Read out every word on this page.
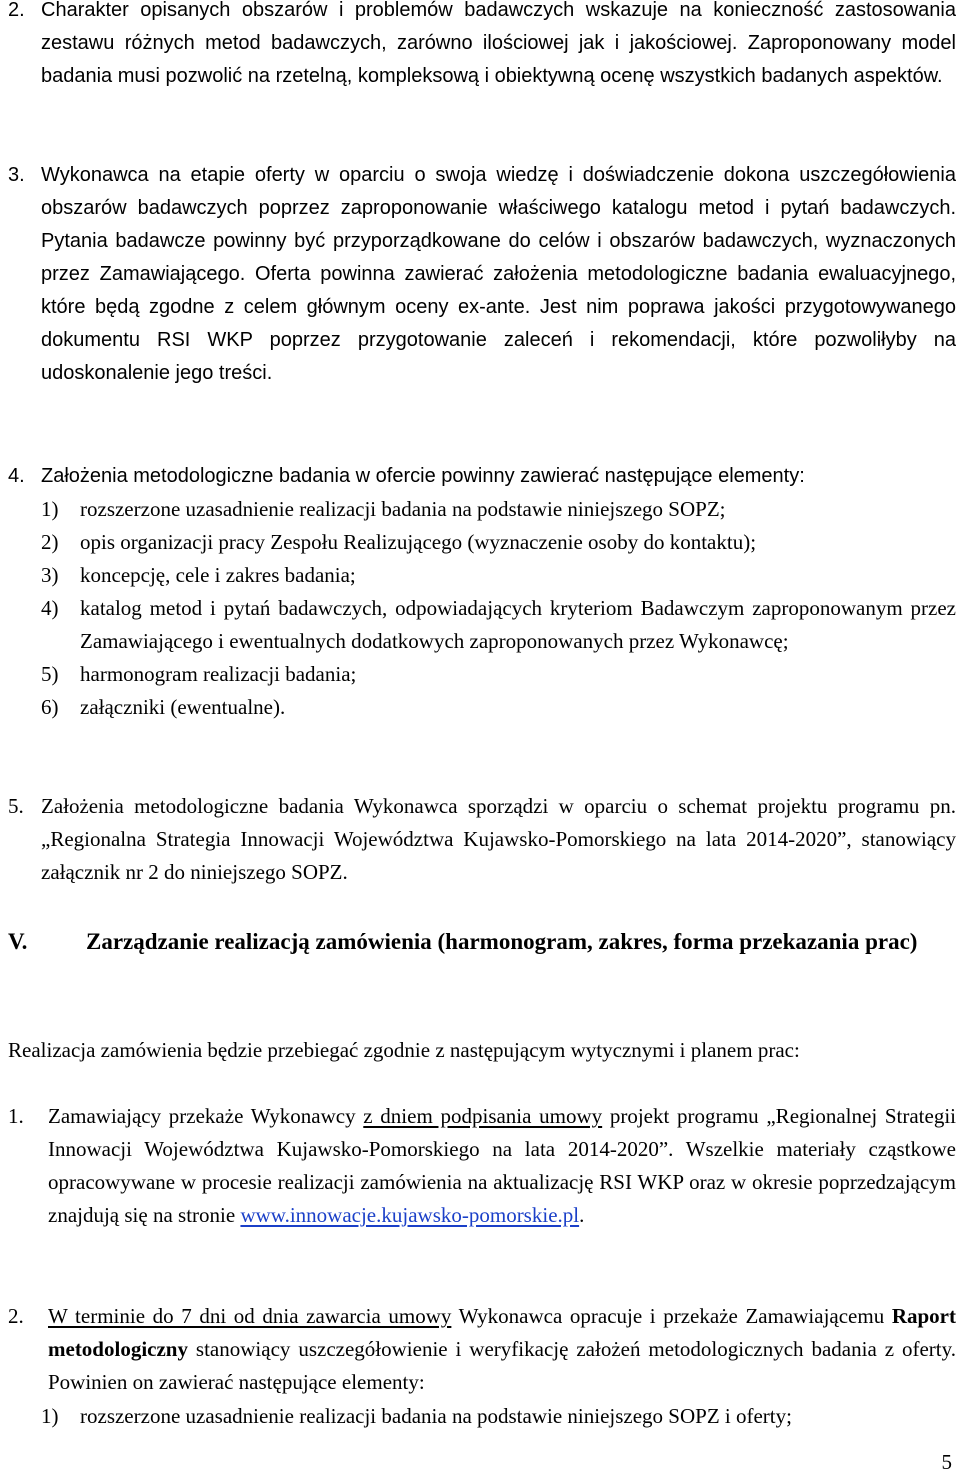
2. Charakter opisanych obszarów i problemów badawczych wskazuje na konieczność zastosowania zestawu różnych metod badawczych, zarówno ilościowej jak i jakościowej. Zaproponowany model badania musi pozwolić na rzetelną, kompleksową i obiektywną ocenę wszystkich badanych aspektów.
3. Wykonawca na etapie oferty w oparciu o swoja wiedzę i doświadczenie dokona uszczegółowienia obszarów badawczych poprzez zaproponowanie właściwego katalogu metod i pytań badawczych. Pytania badawcze powinny być przyporządkowane do celów i obszarów badawczych, wyznaczonych przez Zamawiającego. Oferta powinna zawierać założenia metodologiczne badania ewaluacyjnego, które będą zgodne z celem głównym oceny ex-ante. Jest nim poprawa jakości przygotowywanego dokumentu RSI WKP poprzez przygotowanie zaleceń i rekomendacji, które pozwoliłyby na udoskonalenie jego treści.
4. Założenia metodologiczne badania w ofercie powinny zawierać następujące elementy:
1) rozszerzone uzasadnienie realizacji badania na podstawie niniejszego SOPZ;
2) opis organizacji pracy Zespołu Realizującego (wyznaczenie osoby do kontaktu);
3) koncepcję, cele i zakres badania;
4) katalog metod i pytań badawczych, odpowiadających kryteriom Badawczym zaproponowanym przez Zamawiającego i ewentualnych dodatkowych zaproponowanych przez Wykonawcę;
5) harmonogram realizacji badania;
6) załączniki (ewentualne).
5. Założenia metodologiczne badania Wykonawca sporządzi w oparciu o schemat projektu programu pn. „Regionalna Strategia Innowacji Województwa Kujawsko-Pomorskiego na lata 2014-2020”, stanowiący załącznik nr 2 do niniejszego SOPZ.
V.	Zarządzanie realizacją zamówienia (harmonogram, zakres, forma przekazania prac)
Realizacja zamówienia będzie przebiegać zgodnie z następującym wytycznymi i planem prac:
1. Zamawiający przekaże Wykonawcy z dniem podpisania umowy projekt programu „Regionalnej Strategii Innowacji Województwa Kujawsko-Pomorskiego na lata 2014-2020”. Wszelkie materiały cząstkowe opracowywane w procesie realizacji zamówienia na aktualizację RSI WKP oraz w okresie poprzedzającym znajdują się na stronie www.innowacje.kujawsko-pomorskie.pl.
2. W terminie do 7 dni od dnia zawarcia umowy Wykonawca opracuje i przekaże Zamawiającemu Raport metodologiczny stanowiący uszczegółowienie i weryfikację założeń metodologicznych badania z oferty. Powinien on zawierać następujące elementy:
1) rozszerzone uzasadnienie realizacji badania na podstawie niniejszego SOPZ i oferty;
5
